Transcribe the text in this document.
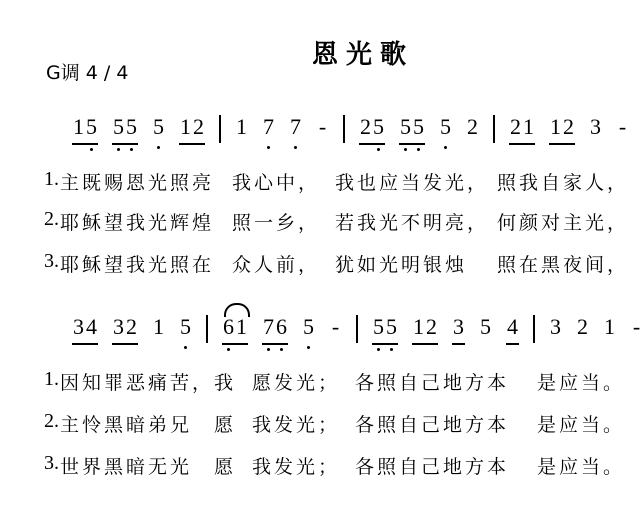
恩光歌
G调 4 / 4
1 5 5 5 5 1 2 1 7 7 - 2 5 5 5 5 2 2 1 1 2 3 -
3 4 3 2 1 5 6 1 7 6 5 - 5 5 1 2 3 5 4 3 2 1 -
1. 主既赐恩光照亮 我心中， 我也应当发光， 照我自家人，
2. 耶稣望我光辉煌 照一乡， 若我光不明亮， 何颜对主光，
3. 耶稣望我光照在 众人前， 犹如光明银烛 照在黑夜间，
1. 因知罪恶痛苦， 我 愿发光； 各照自己地方本 是应当。
2. 主怜黑暗弟兄 愿 我发光； 各照自己地方本 是应当。
3. 世界黑暗无光 愿 我发光； 各照自己地方本 是应当。
